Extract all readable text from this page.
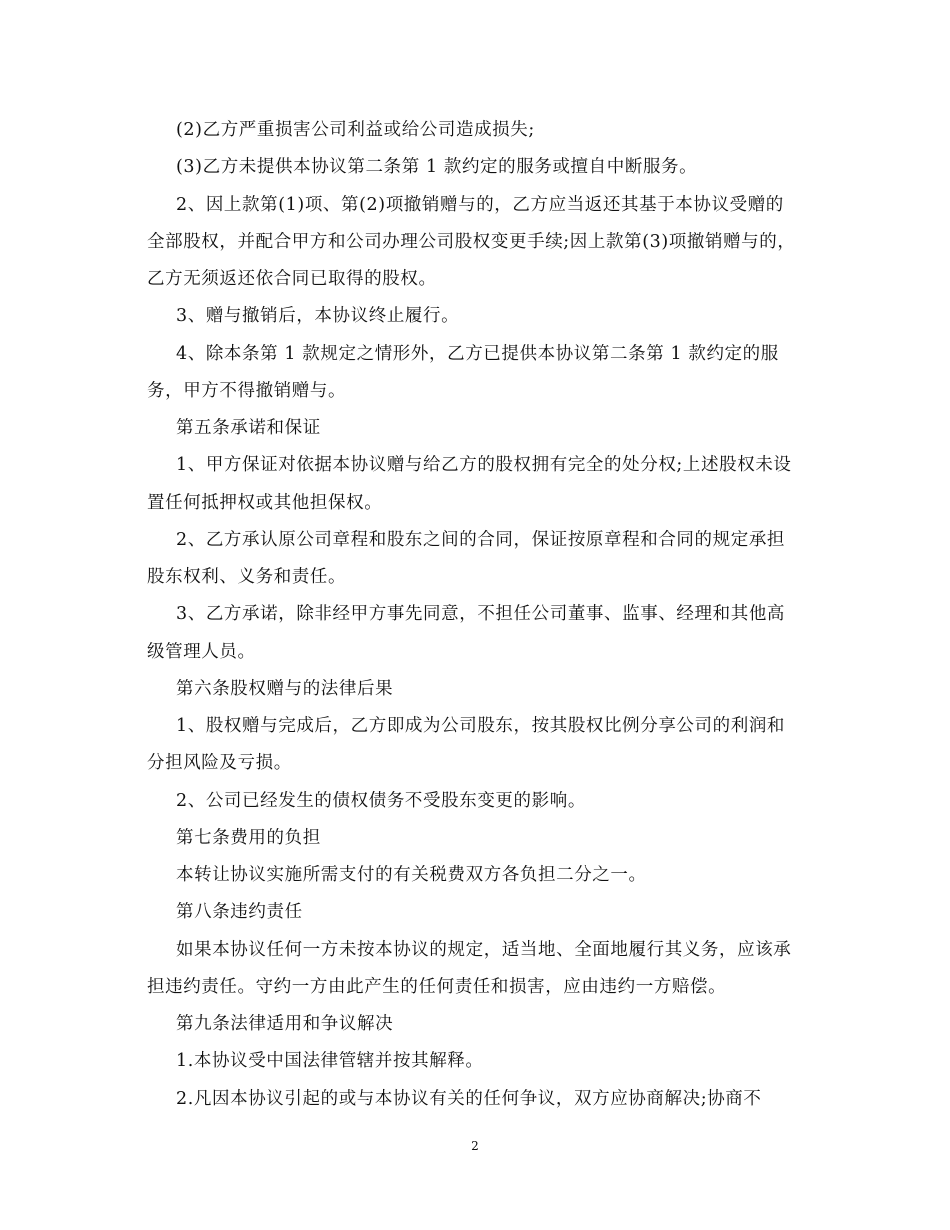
(2)乙方严重损害公司利益或给公司造成损失;

(3)乙方未提供本协议第二条第 1 款约定的服务或擅自中断服务。

2、因上款第(1)项、第(2)项撤销赠与的，乙方应当返还其基于本协议受赠的

全部股权，并配合甲方和公司办理公司股权变更手续;因上款第(3)项撤销赠与的，

乙方无须返还依合同已取得的股权。

3、赠与撤销后，本协议终止履行。

4、除本条第 1 款规定之情形外，乙方已提供本协议第二条第 1 款约定的服

务，甲方不得撤销赠与。

第五条承诺和保证

1、甲方保证对依据本协议赠与给乙方的股权拥有完全的处分权;上述股权未设

置任何抵押权或其他担保权。

2、乙方承认原公司章程和股东之间的合同，保证按原章程和合同的规定承担

股东权利、义务和责任。

3、乙方承诺，除非经甲方事先同意，不担任公司董事、监事、经理和其他高

级管理人员。

第六条股权赠与的法律后果

1、股权赠与完成后，乙方即成为公司股东，按其股权比例分享公司的利润和

分担风险及亏损。

2、公司已经发生的债权债务不受股东变更的影响。

第七条费用的负担

本转让协议实施所需支付的有关税费双方各负担二分之一。

第八条违约责任

如果本协议任何一方未按本协议的规定，适当地、全面地履行其义务，应该承

担违约责任。守约一方由此产生的任何责任和损害，应由违约一方赔偿。

第九条法律适用和争议解决

1.本协议受中国法律管辖并按其解释。

2.凡因本协议引起的或与本协议有关的任何争议，双方应协商解决;协商不

2
